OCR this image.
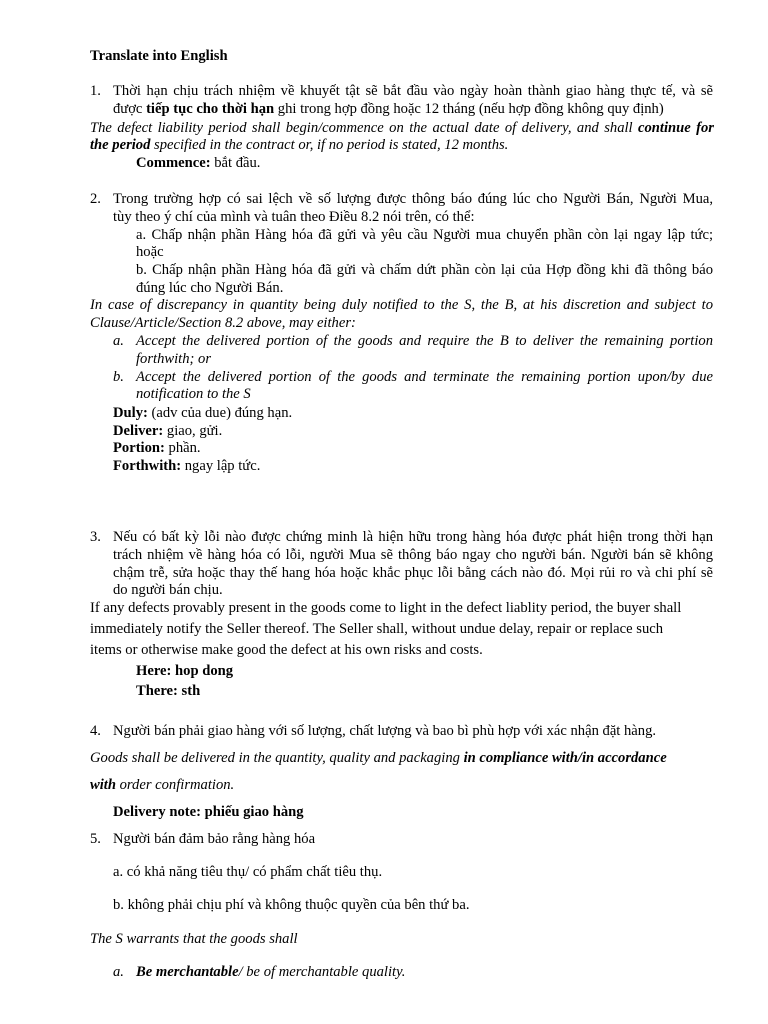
Translate into English
1. Thời hạn chịu trách nhiệm về khuyết tật sẽ bắt đầu vào ngày hoàn thành giao hàng thực tế, và sẽ
được tiếp tục cho thời hạn ghi trong hợp đồng hoặc 12 tháng (nếu hợp đồng không quy định)
The defect liability period shall begin/commence on the actual date of delivery, and shall continue for
the period specified in the contract or, if no period is stated, 12 months.
Commence: bắt đầu.
2. Trong trường hợp có sai lệch về số lượng được thông báo đúng lúc cho Người Bán, Người Mua,
tùy theo ý chí của mình và tuân theo Điều 8.2 nói trên, có thể:
a. Chấp nhận phần Hàng hóa đã gửi và yêu cầu Người mua chuyển phần còn lại ngay lập tức;
hoặc
b. Chấp nhận phần Hàng hóa đã gửi và chấm dứt phần còn lại của Hợp đồng khi đã thông báo
đúng lúc cho Người Bán.
In case of discrepancy in quantity being duly notified to the S, the B, at his discretion and subject to
Clause/Article/Section 8.2 above, may either:
a. Accept the delivered portion of the goods and require the B to deliver the remaining portion
forthwith; or
b. Accept the delivered portion of the goods and terminate the remaining portion upon/by due
notification to the S
Duly: (adv của due) đúng hạn.
Deliver: giao, gửi.
Portion: phần.
Forthwith: ngay lập tức.
3. Nếu có bất kỳ lỗi nào được chứng minh là hiện hữu trong hàng hóa được phát hiện trong thời hạn
trách nhiệm về hàng hóa có lỗi, người Mua sẽ thông báo ngay cho người bán. Người bán sẽ không
chậm trễ, sửa hoặc thay thế hang hóa hoặc khắc phục lỗi bằng cách nào đó. Mọi rủi ro và chi phí sẽ
do người bán chịu.
If any defects provably present in the goods come to light in the defect liablity period, the buyer shall
immediately notify the Seller thereof. The Seller shall, without undue delay, repair or replace such
items or otherwise make good the defect at his own risks and costs.
Here: hop dong
There: sth
4. Người bán phải giao hàng với số lượng, chất lượng và bao bì phù hợp với xác nhận đặt hàng.
Goods shall be delivered in the quantity, quality and packaging in compliance with/in accordance
with order confirmation.
Delivery note: phiếu giao hàng
5. Người bán đảm bảo rằng hàng hóa
a. có khả năng tiêu thụ/ có phẩm chất tiêu thụ.
b. không phải chịu phí và không thuộc quyền của bên thứ ba.
The S warrants that the goods shall
a. Be merchantable/ be of merchantable quality.
